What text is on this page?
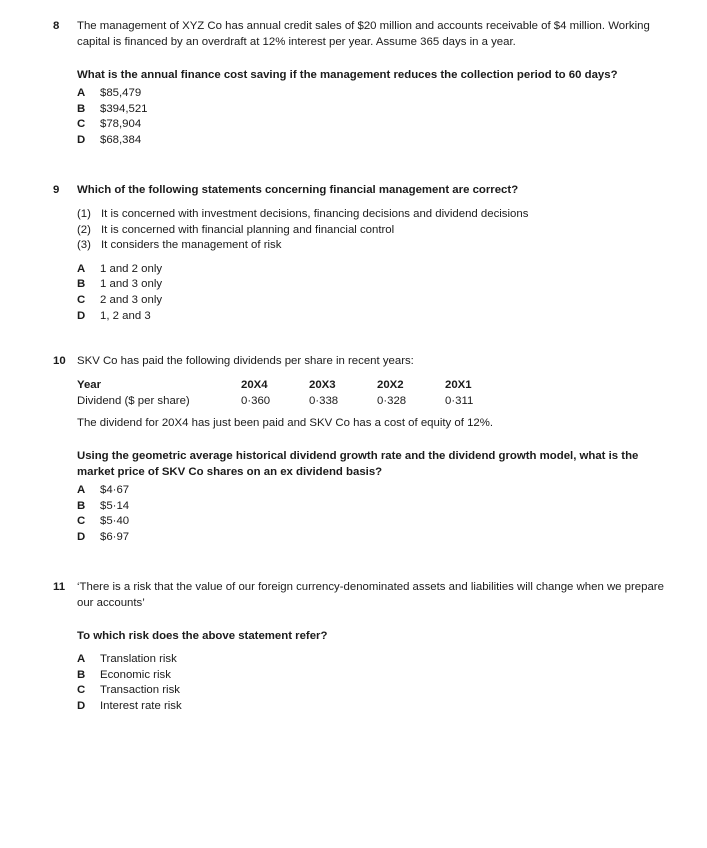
8 The management of XYZ Co has annual credit sales of $20 million and accounts receivable of $4 million. Working capital is financed by an overdraft at 12% interest per year. Assume 365 days in a year.

What is the annual finance cost saving if the management reduces the collection period to 60 days?

A	$85,479
B	$394,521
C	$78,904
D	$68,384
9 Which of the following statements concerning financial management are correct?

(1) It is concerned with investment decisions, financing decisions and dividend decisions
(2) It is concerned with financial planning and financial control
(3) It considers the management of risk
A	1 and 2 only
B	1 and 3 only
C	2 and 3 only
D	1, 2 and 3
10 SKV Co has paid the following dividends per share in recent years:

Year	20X4	20X3	20X2	20X1
Dividend ($ per share)	0·360	0·338	0·328	0·311

The dividend for 20X4 has just been paid and SKV Co has a cost of equity of 12%.

Using the geometric average historical dividend growth rate and the dividend growth model, what is the market price of SKV Co shares on an ex dividend basis?

A	$4·67
B	$5·14
C	$5·40
D	$6·97
11 ‘There is a risk that the value of our foreign currency-denominated assets and liabilities will change when we prepare our accounts’

To which risk does the above statement refer?

A	Translation risk
B	Economic risk
C	Transaction risk
D	Interest rate risk
